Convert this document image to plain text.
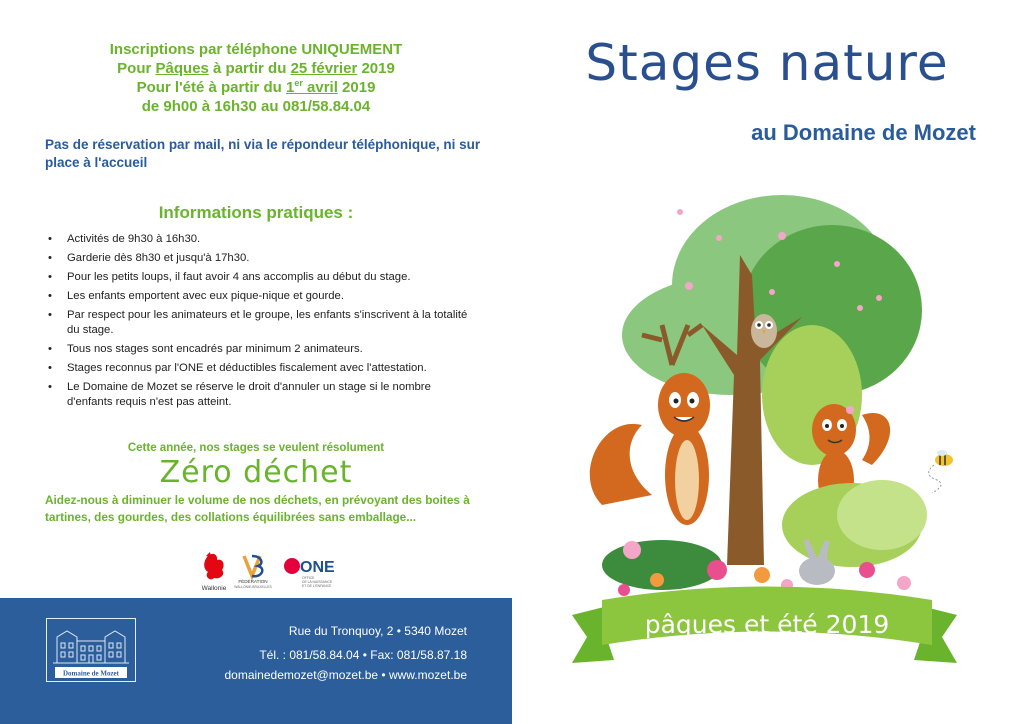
Inscriptions par téléphone UNIQUEMENT
Pour Pâques à partir du 25 février 2019
Pour l'été à partir du 1er avril 2019
de 9h00 à 16h30 au 081/58.84.04
Pas de réservation par mail, ni via le répondeur téléphonique, ni sur place à l'accueil
Informations pratiques :
• Activités de 9h30 à 16h30.
• Garderie dès 8h30 et jusqu'à 17h30.
• Pour les petits loups, il faut avoir 4 ans accomplis au début du stage.
• Les enfants emportent avec eux pique-nique et gourde.
• Par respect pour les animateurs et le groupe, les enfants s'inscrivent à la totalité du stage.
• Tous nos stages sont encadrés par minimum 2 animateurs.
• Stages reconnus par l'ONE et déductibles fiscalement avec l'attestation.
• Le Domaine de Mozet se réserve le droit d'annuler un stage si le nombre d'enfants requis n'est pas atteint.
Cette année, nos stages se veulent résolument
Zéro déchet
Aidez-nous à diminuer le volume de nos déchets, en prévoyant des boites à tartines, des gourdes, des collations équilibrées sans emballage...
Wallonie
FÉDÉRATION
WALLONIE-BRUXELLES
ONE
OFFICE
DE LA NAISSANCE
ET DE L'ENFANCE
Domaine de Mozet
Rue du Tronquoy, 2 • 5340 Mozet
Tél. : 081/58.84.04 • Fax: 081/58.87.18
domainedemozet@mozet.be • www.mozet.be
Stages nature
au Domaine de Mozet
pâques et été 2019
